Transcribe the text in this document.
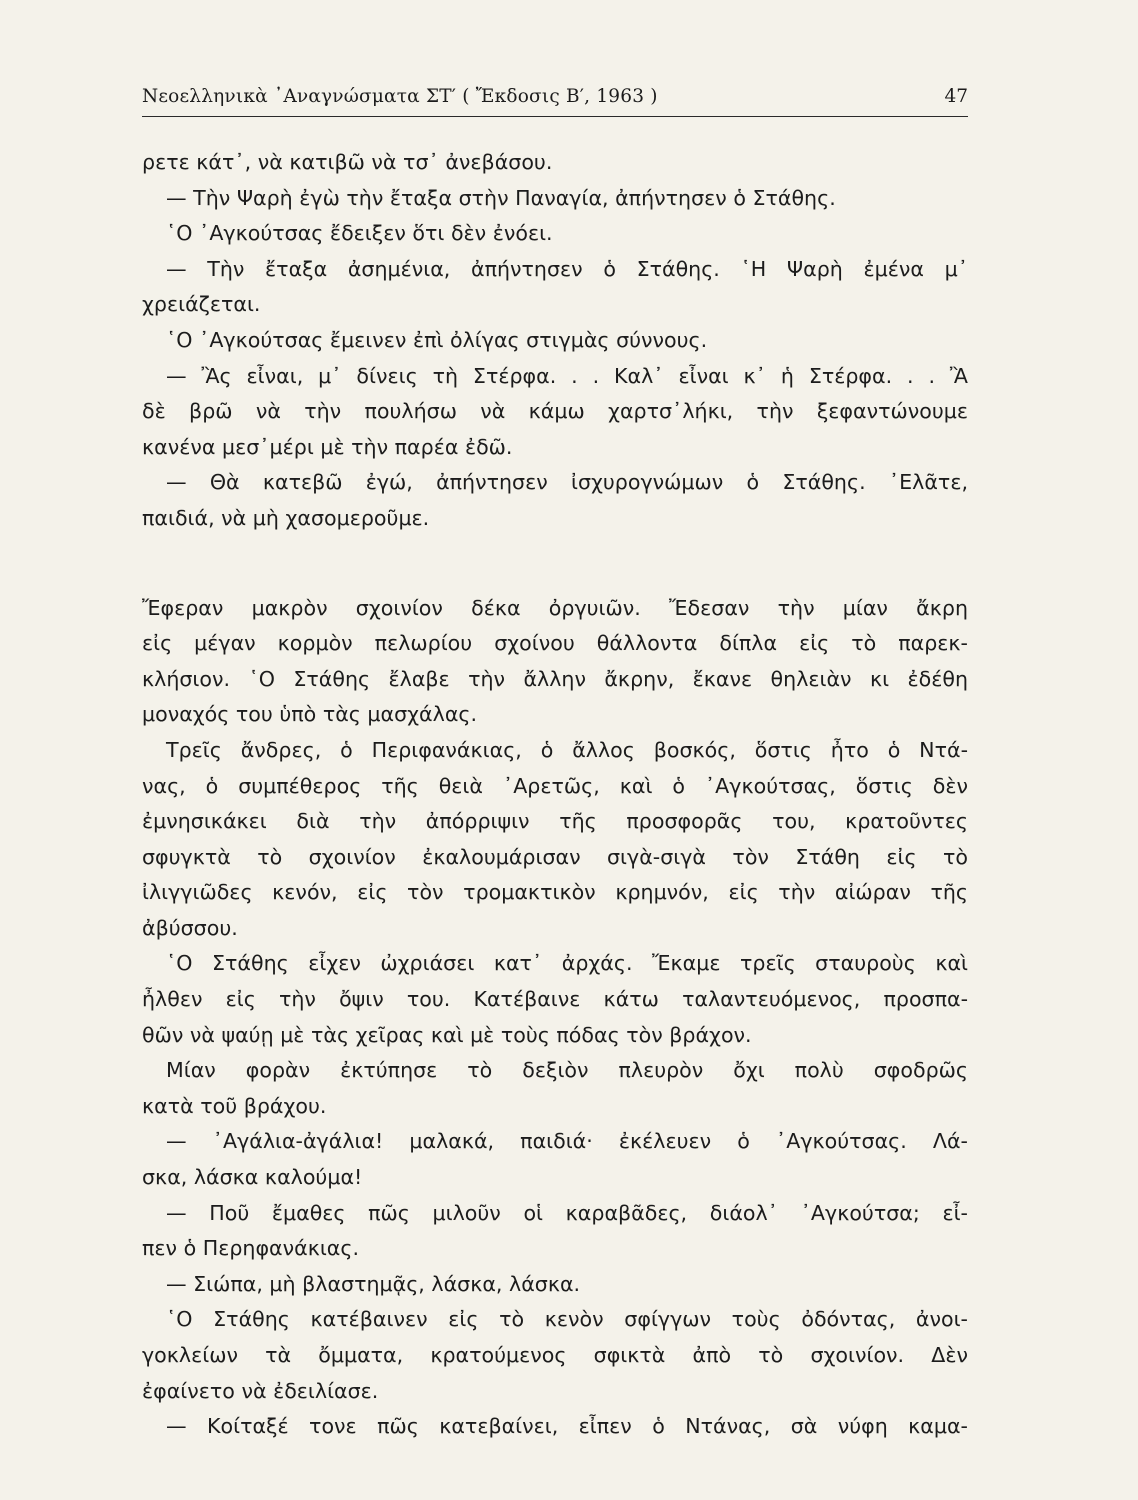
Νεοελληνικὰ ᾿Αναγνώσματα ΣΤ′ ( Ἔκδοσις Β′, 1963 )	47
ρετε κάτ᾿, νὰ κατιβῶ νὰ τσ᾿ ἀνεβάσου.
— Τὴν Ψαρὴ ἐγὼ τὴν ἔταξα στὴν Παναγία, ἀπήντησεν ὁ Στάθης.
῾Ο ᾿Αγκούτσας ἔδειξεν ὅτι δὲν ἐνόει.
— Τὴν ἔταξα ἀσημένια, ἀπήντησεν ὁ Στάθης. ῾Η Ψαρὴ ἐμένα μ᾿
χρειάζεται.
῾Ο ᾿Αγκούτσας ἔμεινεν ἐπὶ ὀλίγας στιγμὰς σύννους.
— Ἂς εἶναι, μ᾿ δίνεις τὴ Στέρφα. . . Καλ᾿ εἶναι κ᾿ ἡ Στέρφα. . . Ἂ
δὲ βρῶ νὰ τὴν πουλήσω νὰ κάμω χαρτσ᾿λήκι, τὴν ξεφαντώνουμε
κανένα μεσ᾿μέρι μὲ τὴν παρέα ἐδῶ.
— Θὰ κατεβῶ ἐγώ, ἀπήντησεν ἰσχυρογνώμων ὁ Στάθης. ᾿Ελᾶτε,
παιδιά, νὰ μὴ χασομεροῦμε.
Ἔφεραν μακρὸν σχοινίον δέκα ὀργυιῶν. Ἔδεσαν τὴν μίαν ἄκρη
εἰς μέγαν κορμὸν πελωρίου σχοίνου θάλλοντα δίπλα εἰς τὸ παρεκ-
κλήσιον. ῾Ο Στάθης ἔλαβε τὴν ἄλλην ἄκρην, ἔκανε θηλειὰν κι ἐδέθη
μοναχός του ὑπὸ τὰς μασχάλας.
Τρεῖς ἄνδρες, ὁ Περιφανάκιας, ὁ ἄλλος βοσκός, ὅστις ἦτο ὁ Ντά-
νας, ὁ συμπέθερος τῆς θειὰ ᾿Αρετῶς, καὶ ὁ ᾿Αγκούτσας, ὅστις δὲν
ἐμνησικάκει διὰ τὴν ἀπόρριψιν τῆς προσφορᾶς του, κρατοῦντες
σφυγκτὰ τὸ σχοινίον ἐκαλουμάρισαν σιγὰ-σιγὰ τὸν Στάθη εἰς τὸ
ἰλιγγιῶδες κενόν, εἰς τὸν τρομακτικὸν κρημνόν, εἰς τὴν αἰώραν τῆς
ἀβύσσου.
῾Ο Στάθης εἶχεν ὠχριάσει κατ᾿ ἀρχάς. Ἔκαμε τρεῖς σταυροὺς καὶ
ἦλθεν εἰς τὴν ὄψιν του. Κατέβαινε κάτω ταλαντευόμενος, προσπα-
θῶν νὰ ψαύῃ μὲ τὰς χεῖρας καὶ μὲ τοὺς πόδας τὸν βράχον.
Μίαν φορὰν ἐκτύπησε τὸ δεξιὸν πλευρὸν ὄχι πολὺ σφοδρῶς
κατὰ τοῦ βράχου.
— ᾿Αγάλια-ἀγάλια! μαλακά, παιδιά· ἐκέλευεν ὁ ᾿Αγκούτσας. Λά-
σκα, λάσκα καλούμα!
— Ποῦ ἔμαθες πῶς μιλοῦν οἱ καραβᾶδες, διάολ᾿ ᾿Αγκούτσα; εἶ-
πεν ὁ Περηφανάκιας.
— Σιώπα, μὴ βλαστημᾷς, λάσκα, λάσκα.
῾Ο Στάθης κατέβαινεν εἰς τὸ κενὸν σφίγγων τοὺς ὀδόντας, ἀνοι-
γοκλείων τὰ ὄμματα, κρατούμενος σφικτὰ ἀπὸ τὸ σχοινίον. Δὲν
ἐφαίνετο νὰ ἐδειλίασε.
— Κοίταξέ τονε πῶς κατεβαίνει, εἶπεν ὁ Ντάνας, σὰ νύφη καμα-
